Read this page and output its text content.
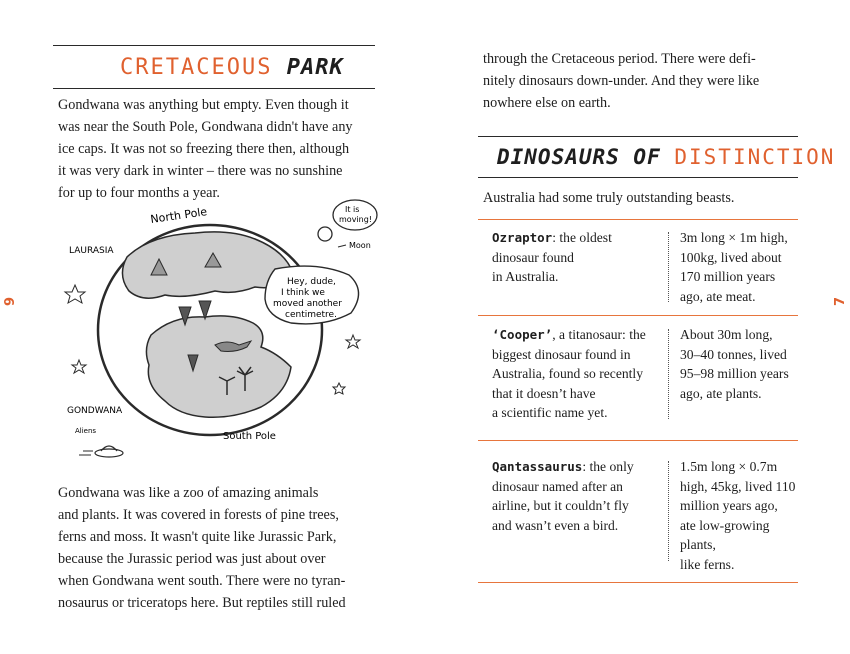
6	7
CRETACEOUS PARK

Gondwana was anything but empty. Even though it

was near the South Pole, Gondwana didn't have any

ice caps. It was not so freezing there then, although

it was very dark in winter – there was no sunshine

for up to four months a year.

North Pole
LAURASIA
GONDWANA
South Pole
Aliens
It is
moving!
Moon
Hey, dude,
I think we
moved another
centimetre.

Gondwana was like a zoo of amazing animals

and plants. It was covered in forests of pine trees,

ferns and moss. It wasn't quite like Jurassic Park,

because the Jurassic period was just about over

when Gondwana went south. There were no tyran-

nosaurus or triceratops here. But reptiles still ruled

through the Cretaceous period. There were defi-

nitely dinosaurs down-under. And they were like

nowhere else on earth.

DINOSAURS OF DISTINCTION
Australia had some truly outstanding beasts.
Ozraptor: the oldest
dinosaur found
in Australia.
3m long × 1m high,
100kg, lived about
170 million years
ago, ate meat.
‘Cooper’, a titanosaur: the
biggest dinosaur found in
Australia, found so recently
that it doesn’t have
a scientific name yet.
About 30m long,
30–40 tonnes, lived
95–98 million years
ago, ate plants.
Qantassaurus: the only
dinosaur named after an
airline, but it couldn’t fly
and wasn’t even a bird.
1.5m long × 0.7m
high, 45kg, lived 110
million years ago,
ate low-growing
plants,
like ferns.
